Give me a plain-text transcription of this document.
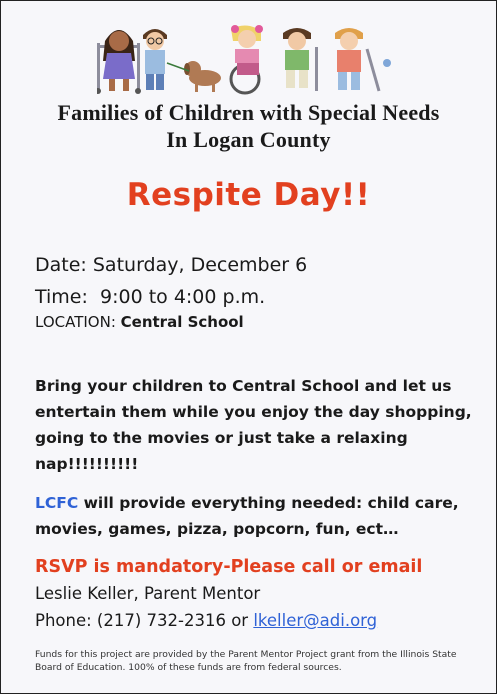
Families of Children with Special Needs
In Logan County
Respite Day!!
Date: Saturday, December 6
Time: 9:00 to 4:00 p.m.
LOCATION: Central School
Bring your children to Central School and let us entertain them while you enjoy the day shopping, going to the movies or just take a relaxing nap!!!!!!!!!!
LCFC will provide everything needed: child care, movies, games, pizza, popcorn, fun, ect…
RSVP is mandatory-Please call or email
Leslie Keller, Parent Mentor
Phone: (217) 732-2316 or lkeller@adi.org
Funds for this project are provided by the Parent Mentor Project grant from the Illinois State Board of Education. 100% of these funds are from federal sources.
